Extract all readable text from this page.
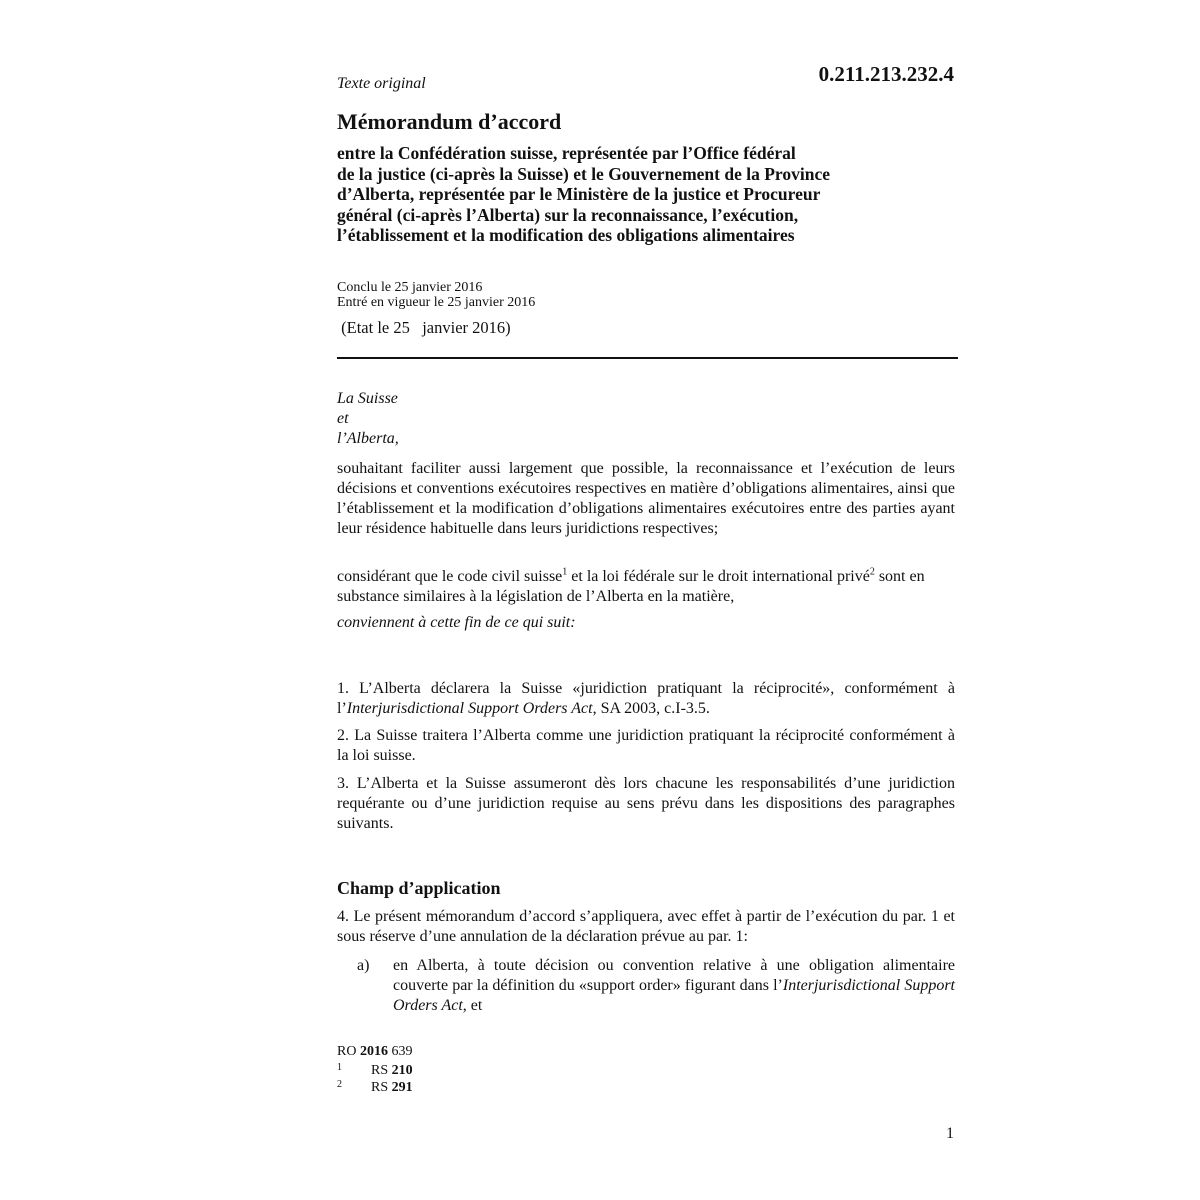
0.211.213.232.4
Texte original
Mémorandum d’accord
entre la Confédération suisse, représentée par l’Office fédéral
de la justice (ci-après la Suisse) et le Gouvernement de la Province
d’Alberta, représentée par le Ministère de la justice et Procureur
général (ci-après l’Alberta) sur la reconnaissance, l’exécution,
l’établissement et la modification des obligations alimentaires
Conclu le 25 janvier 2016
Entré en vigueur le 25 janvier 2016
(Etat le 25   janvier 2016)
La Suisse
et
l’Alberta,
souhaitant faciliter aussi largement que possible, la reconnaissance et l’exécution de leurs décisions et conventions exécutoires respectives en matière d’obligations alimentaires, ainsi que l’établissement et la modification d’obligations alimentaires exécutoires entre des parties ayant leur résidence habituelle dans leurs juridictions respectives;
considérant que le code civil suisse$^1$ et la loi fédérale sur le droit international privé$^2$ sont en substance similaires à la législation de l’Alberta en la matière,
conviennent à cette fin de ce qui suit:
1. L’Alberta déclarera la Suisse «juridiction pratiquant la réciprocité», conformément à l’Interjurisdictional Support Orders Act, SA 2003, c.I-3.5.
2. La Suisse traitera l’Alberta comme une juridiction pratiquant la réciprocité conformément à la loi suisse.
3. L’Alberta et la Suisse assumeront dès lors chacune les responsabilités d’une juridiction requérante ou d’une juridiction requise au sens prévu dans les dispositions des paragraphes suivants.
Champ d’application
4. Le présent mémorandum d’accord s’appliquera, avec effet à partir de l’exécution du par. 1 et sous réserve d’une annulation de la déclaration prévue au par. 1:
a) en Alberta, à toute décision ou convention relative à une obligation alimentaire couverte par la définition du «support order» figurant dans l’Interjurisdictional Support Orders Act, et
RO 2016 639
1 RS 210
2 RS 291
1
